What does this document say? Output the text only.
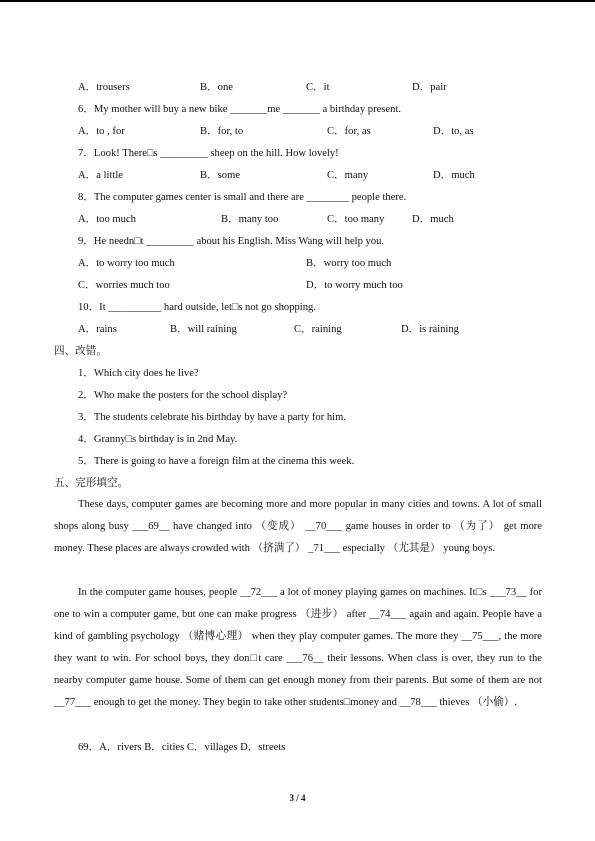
A．trousers	B．one	C．it	D．pair
6．My mother will buy a new bike _______me _______ a birthday present.
A．to , for	B．for, to	C．for, as	D．to, as
7．Look! There□s _________ sheep on the hill. How lovely!
A．a little	B．some	C．many	D．much
8．The computer games center is small and there are ________ people there.
A．too much	B．many too	C．too many	D．much
9．He needn□t _________ about his English. Miss Wang will help you.
A．to worry too much	B．worry too much
C．worries much too	D．to worry much too
10．It __________ hard outside, let□s not go shopping.
A．rains	B．will raining	C．raining	D．is raining
四、改错。
1．Which city does he live?
2．Who make the posters for the school display?
3．The students celebrate his birthday by have a party for him.
4．Granny□s birthday is in 2nd May.
5．There is going to have a foreign film at the cinema this week.
五、完形填空。
These days, computer games are becoming more and more popular in many cities and towns. A lot of small shops along busy ___69__ have changed into （变成） __70___ game houses in order to （为了） get more money. These places are always crowded with （挤满了） _71___ especially （尤其是） young boys.
In the computer game houses, people __72___ a lot of money playing games on machines. It□s ___73__ for one to win a computer game, but one can make progress （进步） after __74___ again and again. People have a kind of gambling psychology （赌博心理） when they play computer games. The more they __75___, the more they want to win. For school boys, they don□t care ___76__ their lessons. When class is over, they run to the nearby computer game house. Some of them can get enough money from their parents. But some of them are not __77___ enough to get the money. They begin to take other students□money and __78___ thieves （小偷）.
69．A．rivers B．cities C．villages D．streets
3 / 4
